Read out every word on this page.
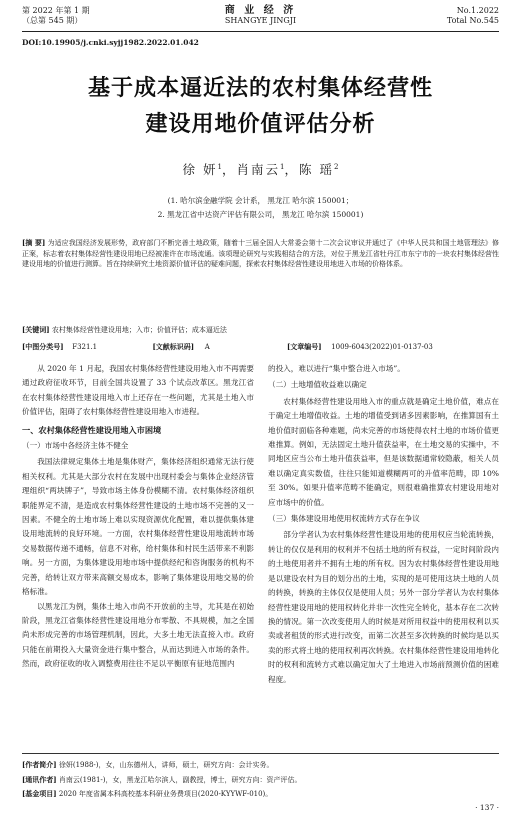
第 2022 年第 1 期
（总第 545 期）
商 业 经 济
SHANGYE JINGJI
No.1.2022
Total No.545
DOI:10.19905/j.cnki.syjj1982.2022.01.042
基于成本逼近法的农村集体经营性
建设用地价值评估分析
徐 妍$^1$，肖南云$^1$，陈 瑶$^2$
(1. 哈尔滨金融学院 会计系， 黑龙江 哈尔滨 150001；
2. 黑龙江省中达资产评估有限公司， 黑龙江 哈尔滨 150001)
[摘 要] 为适应我国经济发展形势，政府部门不断完善土地政策，随着十三届全国人大常委会第十二次会议审议并通过了《中华人民共和国土地管理法》修正案，标志着农村集体经营性建设用地已经被准许在市场流通。该项理论研究与实践相结合的方法，对位于黑龙江省牡丹江市东宁市的一块农村集体经营性建设用地的价值进行测算。旨在持续研究土地资源价值评估的疑难问题，探索农村集体经营性建设用地进入市场的价格体系。
[关键词] 农村集体经营性建设用地；入市；价值评估；成本逼近法
[中图分类号] F321.1	[文献标识码] A	[文章编号] 1009-6043(2022)01-0137-03

从 2020 年 1 月起，我国农村集体经营性建设用地入市不再需要通过政府征收环节，目前全国共设置了 33 个试点改革区。黑龙江省在农村集体经营性建设用地入市上还存在一些问题，尤其是土地入市价值评估，阻碍了农村集体经营性建设用地入市进程。

一、农村集体经营性建设用地入市困境
（一）市场中各经济主体不健全

我国法律规定集体土地是集体财产，集体经济组织通常无法行使相关权利。尤其是大部分农村在发展中出现村委会与集体企业经济管理组织“两块牌子”，导致市场主体身份模糊不清。农村集体经济组织职能界定不清，是造成农村集体经营性建设的土地市场不完善的又一因素。不健全的土地市场上难以实现资源优化配置，难以提供集体建设用地流转的良好环境。一方面，农村集体经营性建设用地流转市场交易数据传递不通畅，信息不对称，给村集体和村民生活带来不利影响。另一方面，为集体建设用地市场中提供经纪和咨询服务的机构不完善，给转让双方带来高额交易成本，影响了集体建设用地交易的价格标准。

以黑龙江为例，集体土地入市尚不开放前的主导，尤其是在初始阶段，黑龙江省集体经营性建设用地分布零散、不具规模，加之全国尚未形成完善的市场管理机制，因此，大多土地无法直接入市。政府只能在前期投入大量资金进行集中整合，从而达到进入市场的条件。然而，政府征收的收入调整费用往往不足以平衡原有征地范围内

的投入，难以进行“集中整合进入市场”。

（二）土地增值收益难以确定

农村集体经营性建设用地入市的重点就是确定土地价值，难点在于确定土地增值收益。土地的增值受到诸多因素影响，在推算国有土地价值时面临各种难题，尚未完善的市场使得农村土地的市场价值更难推算。例如，无法固定土地升值获益率，在土地交易的实操中，不同地区应当公布土地升值获益率，但是该数据通常较隐蔽，相关人员难以确定真实数值，往往只能知道模糊两可的升值率范畴，即 10%至 30%。如果升值率范畴不能确定，则很难确推算农村建设用地对应市场中的价值。

（三）集体建设用地使用权流转方式存在争议

部分学者认为农村集体经营性建设用地的使用权应当轮流转换，转让的仅仅是利用的权利并不包括土地的所有权益，一定时间阶段内的土地使用者并不拥有土地的所有权。因为农村集体经营性建设用地是以建设农村为目的划分出的土地，实现的是可使用这块土地的人员的转换，转换的主体仅仅是使用人员；另外一部分学者认为农村集体经营性建设用地的使用权转化并非一次性完全转化，基本存在二次转换的情况。第一次改变使用人的时候是对所用权益中的使用权利以买卖或者租赁的形式进行改变，而第二次甚至多次转换的时候均是以买卖的形式将土地的使用权利再次转换。农村集体经营性建设用地转化时的权利和流转方式难以确定加大了土地进入市场前预测价值的困难程度。

[作者简介] 徐妍(1988-)，女，山东德州人，讲师，硕士，研究方向：会计实务。
[通讯作者] 肖南云(1981-)，女，黑龙江哈尔滨人，副教授，博士，研究方向：资产评估。
[基金项目] 2020 年度省属本科高校基本科研业务费项目(2020-KYYWF-010)。
· 137 ·
